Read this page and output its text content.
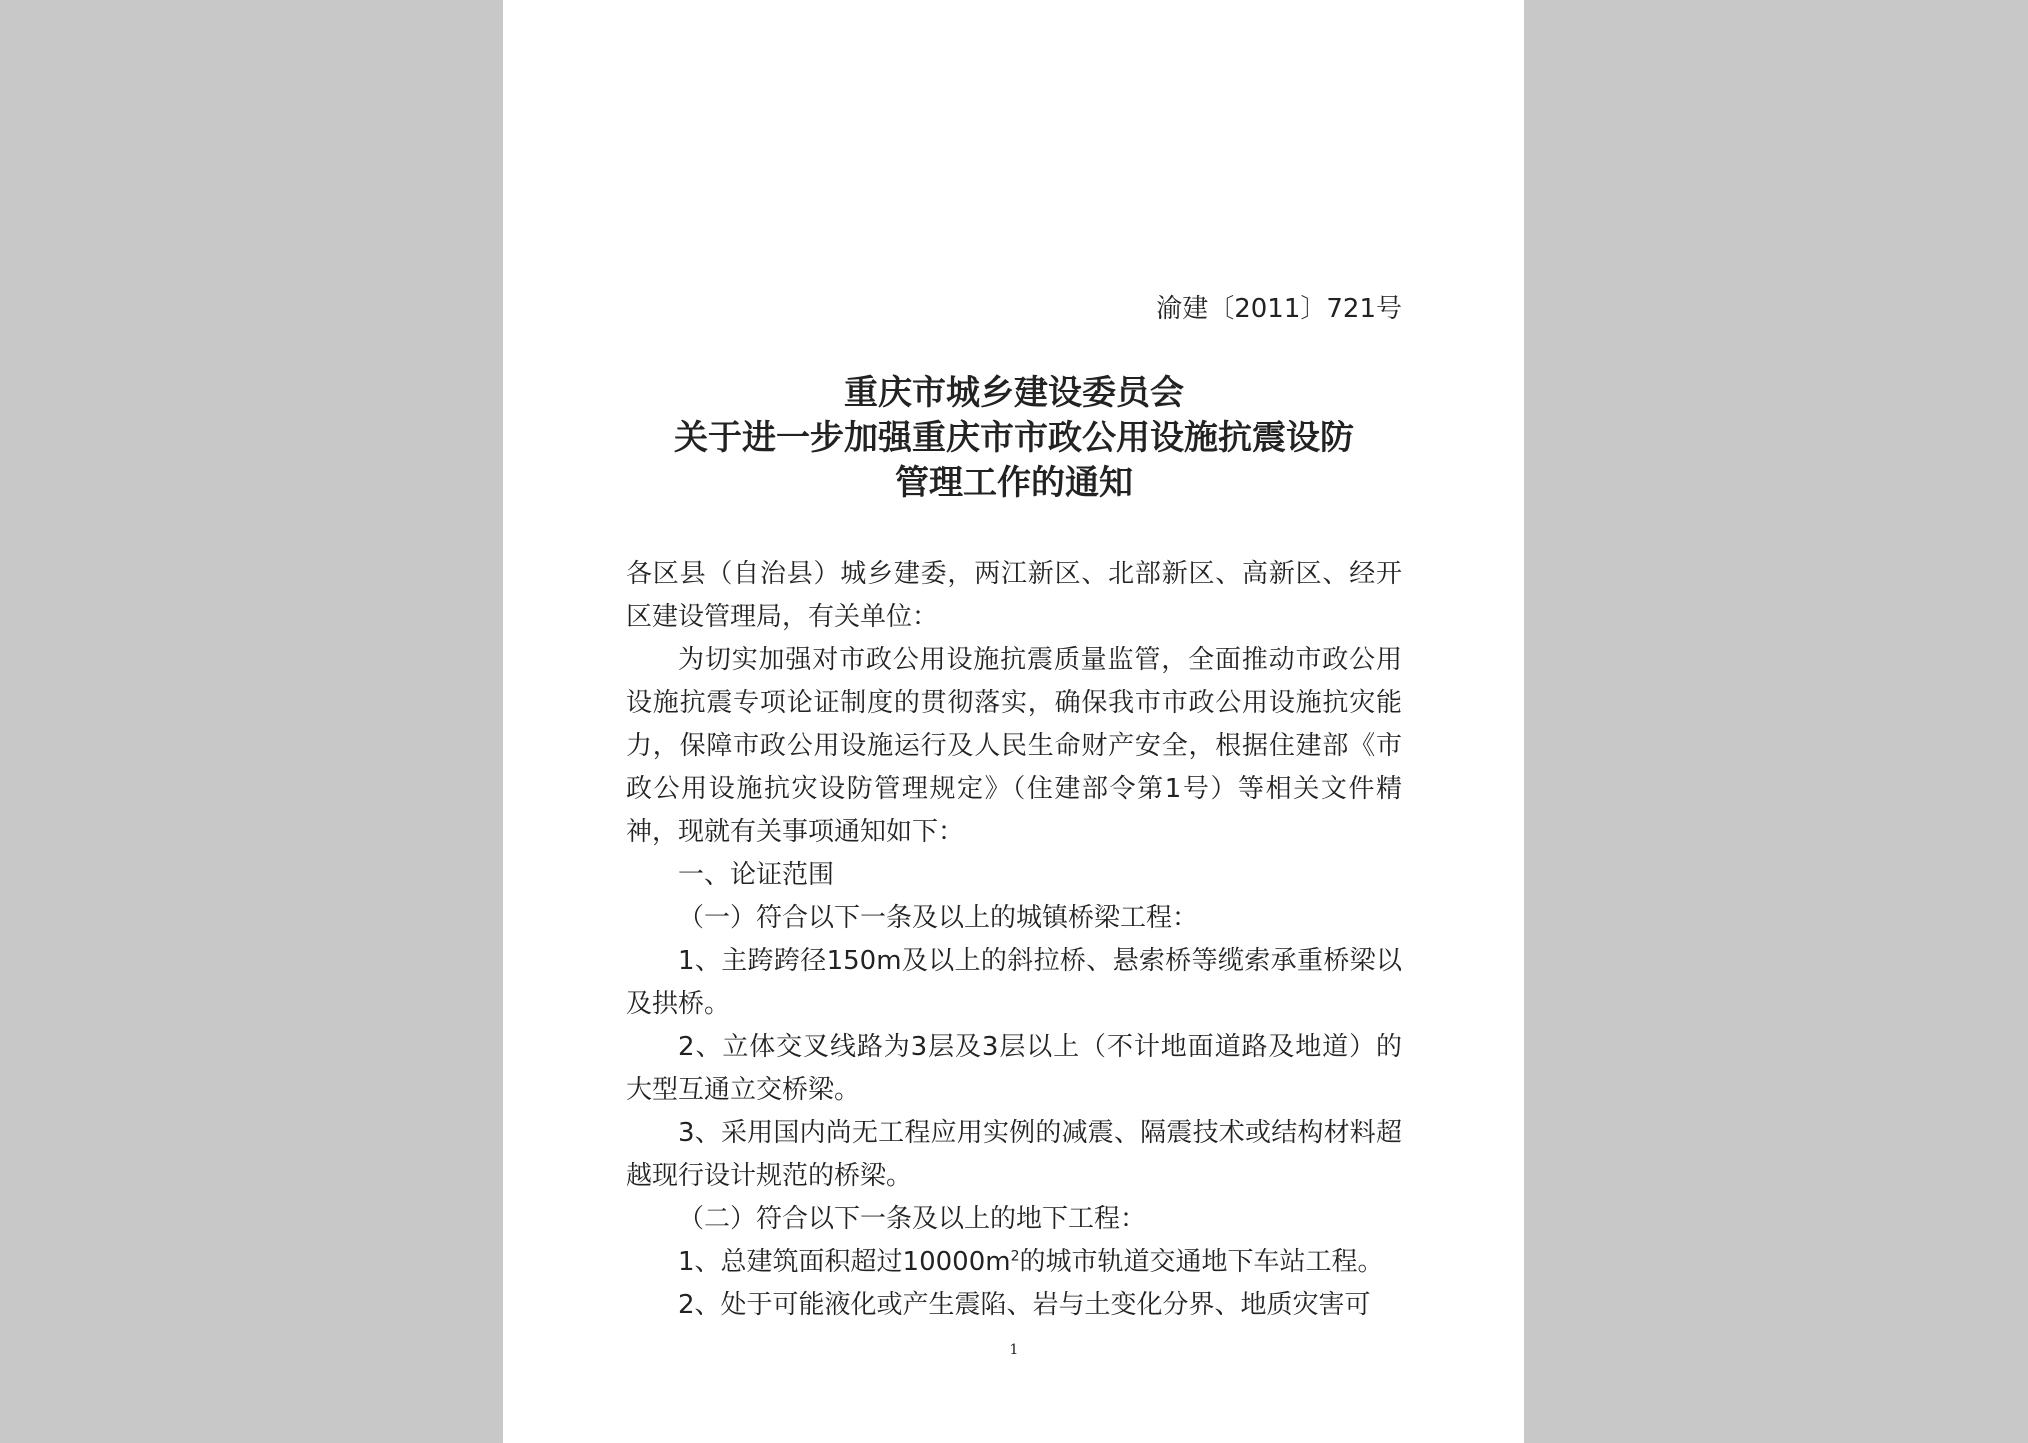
渝建〔2011〕721号
重庆市城乡建设委员会
关于进一步加强重庆市市政公用设施抗震设防
管理工作的通知

各区县（自治县）城乡建委，两江新区、北部新区、高新区、经开区建设管理局，有关单位：

为切实加强对市政公用设施抗震质量监管，全面推动市政公用设施抗震专项论证制度的贯彻落实，确保我市市政公用设施抗灾能力，保障市政公用设施运行及人民生命财产安全，根据住建部《市政公用设施抗灾设防管理规定》（住建部令第1号）等相关文件精神，现就有关事项通知如下：

一、论证范围

（一）符合以下一条及以上的城镇桥梁工程：

1、主跨跨径150m及以上的斜拉桥、悬索桥等缆索承重桥梁以及拱桥。

2、立体交叉线路为3层及3层以上（不计地面道路及地道）的大型互通立交桥梁。

3、采用国内尚无工程应用实例的减震、隔震技术或结构材料超越现行设计规范的桥梁。

（二）符合以下一条及以上的地下工程：

1、总建筑面积超过$10000m^2$的城市轨道交通地下车站工程。

2、处于可能液化或产生震陷、岩与土变化分界、地质灾害可

1
